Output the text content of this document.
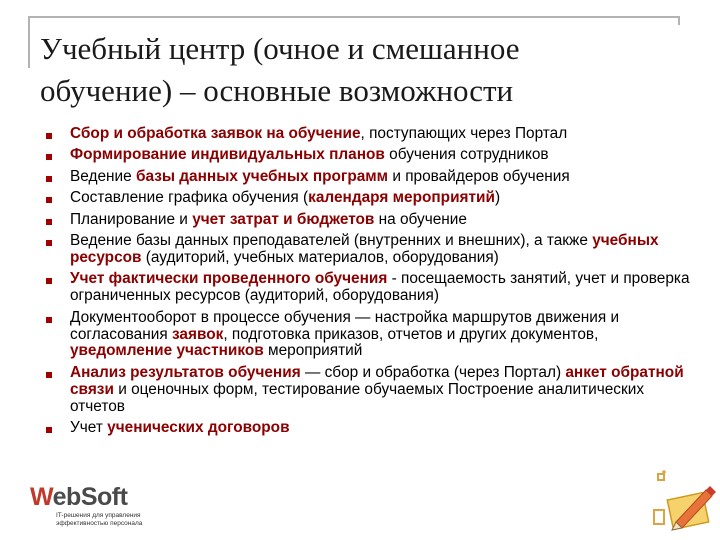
Учебный центр (очное и смешанное
обучение) – основные возможности
Сбор и обработка заявок на обучение, поступающих через Портал
Формирование индивидуальных планов обучения сотрудников
Ведение базы данных учебных программ и провайдеров обучения
Составление графика обучения (календаря мероприятий)
Планирование и учет затрат и бюджетов на обучение
Ведение базы данных преподавателей (внутренних и внешних), а также учебных ресурсов (аудиторий, учебных материалов, оборудования)
Учет фактически проведенного обучения - посещаемость занятий, учет и проверка ограниченных ресурсов (аудиторий, оборудования)
Документооборот в процессе обучения — настройка маршрутов движения и согласования заявок, подготовка приказов, отчетов и других документов, уведомление участников мероприятий
Анализ результатов обучения — сбор и обработка (через Портал) анкет обратной связи и оценочных форм, тестирование обучаемых Построение аналитических отчетов
Учет ученических договоров
WebSoft
IT-решения для управления
эффективностью персонала
